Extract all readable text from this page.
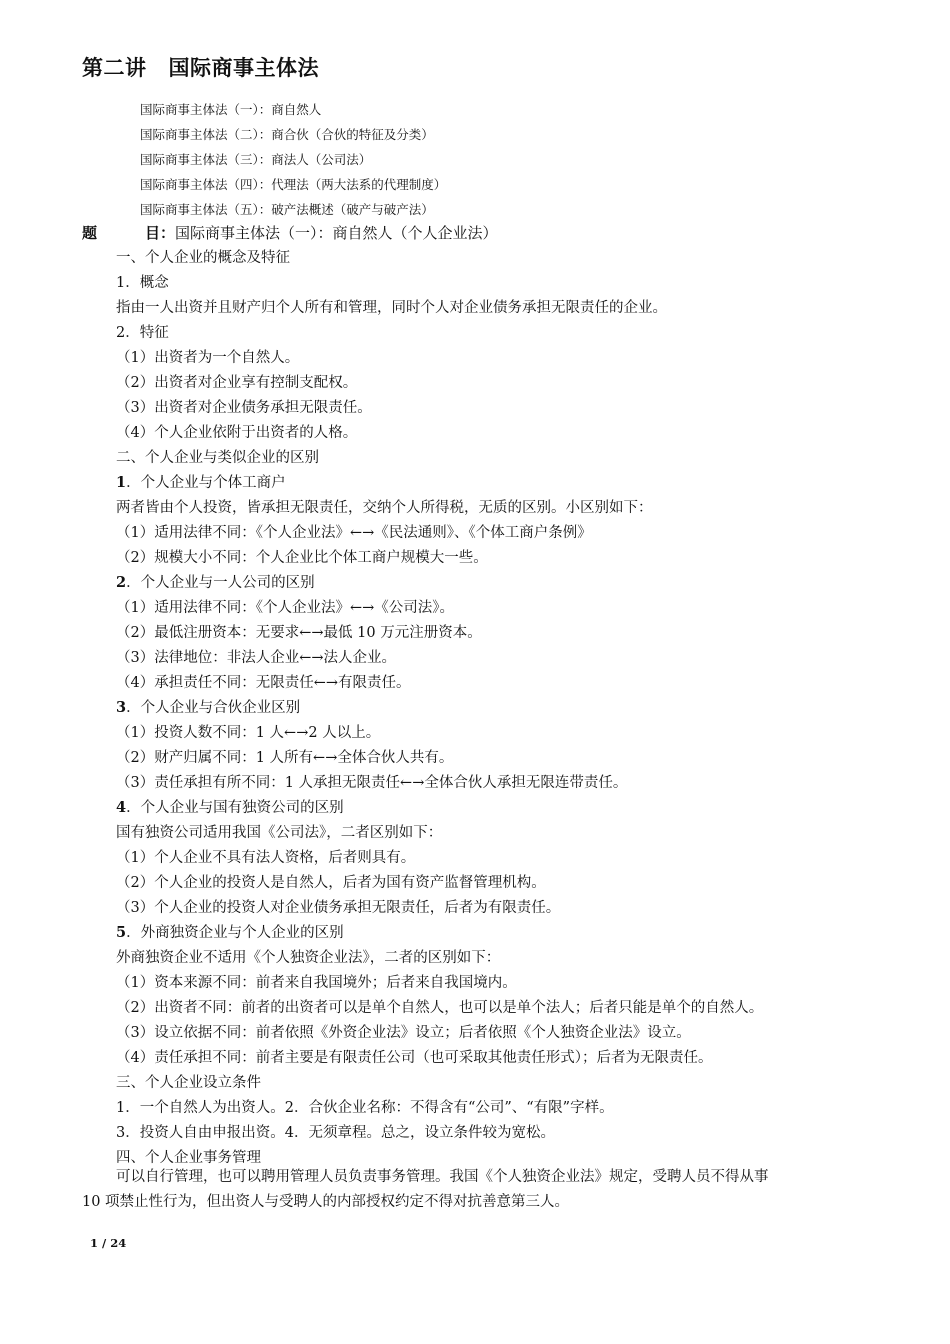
第二讲 国际商事主体法
国际商事主体法（一）：商自然人
国际商事主体法（二）：商合伙（合伙的特征及分类）
国际商事主体法（三）：商法人（公司法）
国际商事主体法（四）：代理法（两大法系的代理制度）
国际商事主体法（五）：破产法概述（破产与破产法）
题	目：国际商事主体法（一）：商自然人（个人企业法）
一、个人企业的概念及特征
1．概念
指由一人出资并且财产归个人所有和管理，同时个人对企业债务承担无限责任的企业。
2．特征
（1）出资者为一个自然人。
（2）出资者对企业享有控制支配权。
（3）出资者对企业债务承担无限责任。
（4）个人企业依附于出资者的人格。
二、个人企业与类似企业的区别
1．个人企业与个体工商户
两者皆由个人投资，皆承担无限责任，交纳个人所得税，无质的区别。小区别如下：
（1）适用法律不同：《个人企业法》←→《民法通则》、《个体工商户条例》
（2）规模大小不同：个人企业比个体工商户规模大一些。
2．个人企业与一人公司的区别
（1）适用法律不同：《个人企业法》←→《公司法》。
（2）最低注册资本：无要求←→最低 10 万元注册资本。
（3）法律地位：非法人企业←→法人企业。
（4）承担责任不同：无限责任←→有限责任。
3．个人企业与合伙企业区别
（1）投资人数不同：1 人←→2 人以上。
（2）财产归属不同：1 人所有←→全体合伙人共有。
（3）责任承担有所不同：1 人承担无限责任←→全体合伙人承担无限连带责任。
4．个人企业与国有独资公司的区别
国有独资公司适用我国《公司法》，二者区别如下：
（1）个人企业不具有法人资格，后者则具有。
（2）个人企业的投资人是自然人，后者为国有资产监督管理机构。
（3）个人企业的投资人对企业债务承担无限责任，后者为有限责任。
5．外商独资企业与个人企业的区别
外商独资企业不适用《个人独资企业法》，二者的区别如下：
（1）资本来源不同：前者来自我国境外；后者来自我国境内。
（2）出资者不同：前者的出资者可以是单个自然人，也可以是单个法人；后者只能是单个的自然人。
（3）设立依据不同：前者依照《外资企业法》设立；后者依照《个人独资企业法》设立。
（4）责任承担不同：前者主要是有限责任公司（也可采取其他责任形式）；后者为无限责任。
三、个人企业设立条件
1．一个自然人为出资人。2．合伙企业名称：不得含有“公司”、“有限”字样。
3．投资人自由申报出资。4．无须章程。总之，设立条件较为宽松。
四、个人企业事务管理
可以自行管理，也可以聘用管理人员负责事务管理。我国《个人独资企业法》规定，受聘人员不得从事
10 项禁止性行为，但出资人与受聘人的内部授权约定不得对抗善意第三人。
1 / 24
